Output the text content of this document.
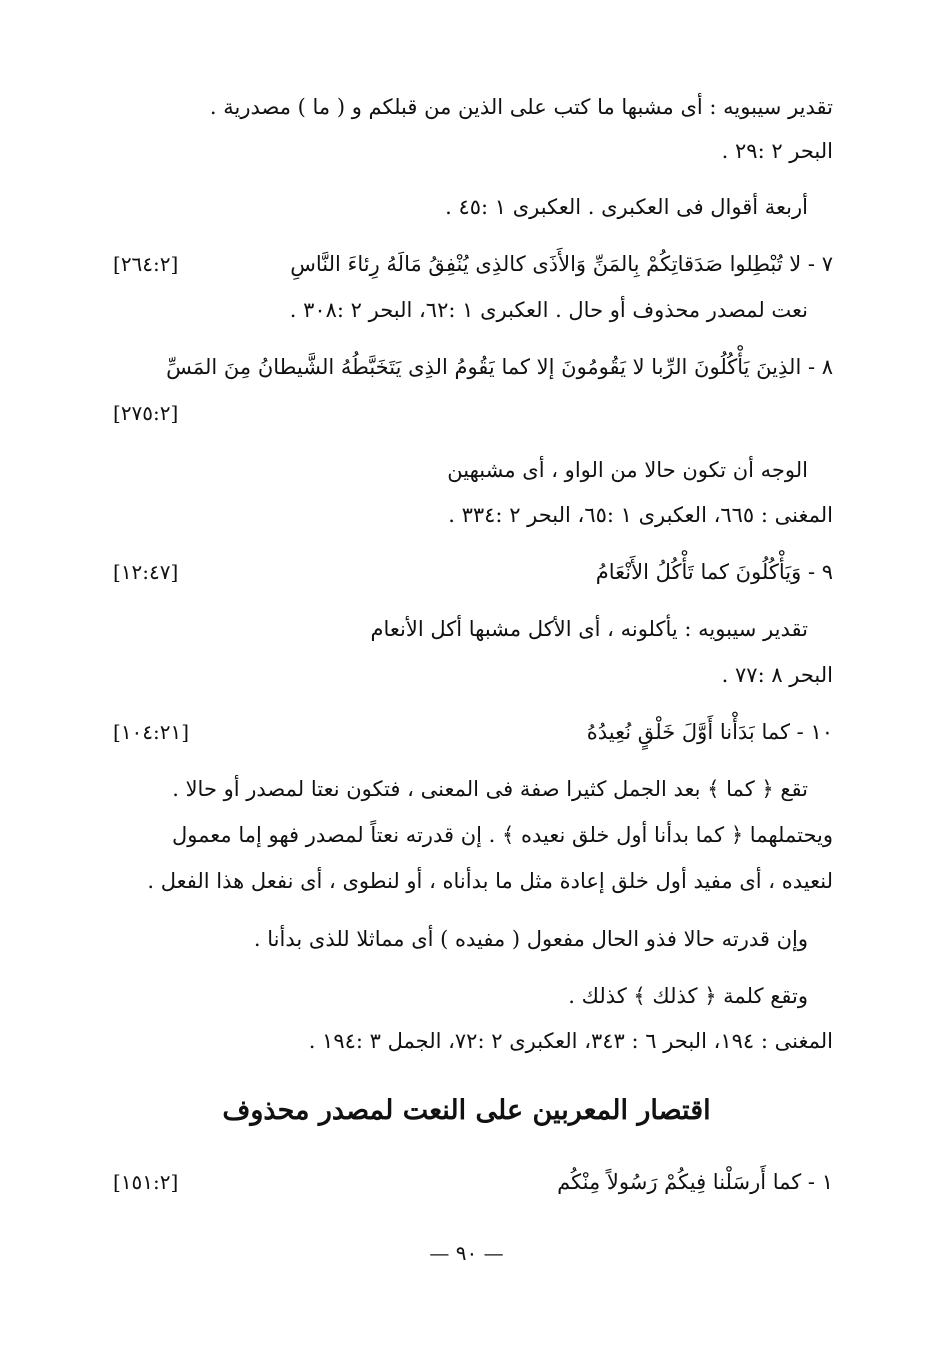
تقدير سيبويه : أى مشبها ما كتب على الذين من قبلكم و ( ما ) مصدرية .
البحر ٢ :٢٩ .
أربعة أقوال فى العكبرى . العكبرى ١ :٤٥ .
٧ - لا تُبْطِلوا صَدَقاتِكُمْ بِالمَنِّ وَالأَذَى كالذِى يُنْفِقُ مَالَهُ رِئاءَ النَّاسِ
[٢٦٤:٢]
نعت لمصدر محذوف أو حال . العكبرى ١ :٦٢، البحر ٢ :٣٠٨ .
٨ - الذِينَ يَأْكُلُونَ الرِّبا لا يَقُومُونَ إلا كما يَقُومُ الذِى يَتَخَبَّطُهُ الشَّيطانُ مِنَ المَسِّ
[٢٧٥:٢]
الوجه أن تكون حالا من الواو ، أى مشبهين
المغنى : ٦٦٥، العكبرى ١ :٦٥، البحر ٢ :٣٣٤ .
٩ - وَيَأْكُلُونَ كما تَأْكُلُ الأَنْعَامُ
[١٢:٤٧]
تقدير سيبويه : يأكلونه ، أى الأكل مشبها أكل الأنعام
البحر ٨ :٧٧ .
١٠ - كما بَدَأْنا أَوَّلَ خَلْقٍ نُعِيدُهُ
[١٠٤:٢١]
تقع ﴿ كما ﴾ بعد الجمل كثيرا صفة فى المعنى ، فتكون نعتا لمصدر أو حالا .
ويحتملهما ﴿ كما بدأنا أول خلق نعيده ﴾ . إن قدرته نعتاً لمصدر فهو إما معمول
لنعيده ، أى مفيد أول خلق إعادة مثل ما بدأناه ، أو لنطوى ، أى نفعل هذا الفعل .
وإن قدرته حالا فذو الحال مفعول ( مفيده ) أى مماثلا للذى بدأنا .
وتقع كلمة ﴿ كذلك ﴾ كذلك .
المغنى : ١٩٤، البحر ٦ : ٣٤٣، العكبرى ٢ :٧٢، الجمل ٣ :١٩٤ .
اقتصار المعربين على النعت لمصدر محذوف
١ - كما أَرسَلْنا فِيكُمْ رَسُولاً مِنْكُم
[١٥١:٢]
— ٩٠ —
